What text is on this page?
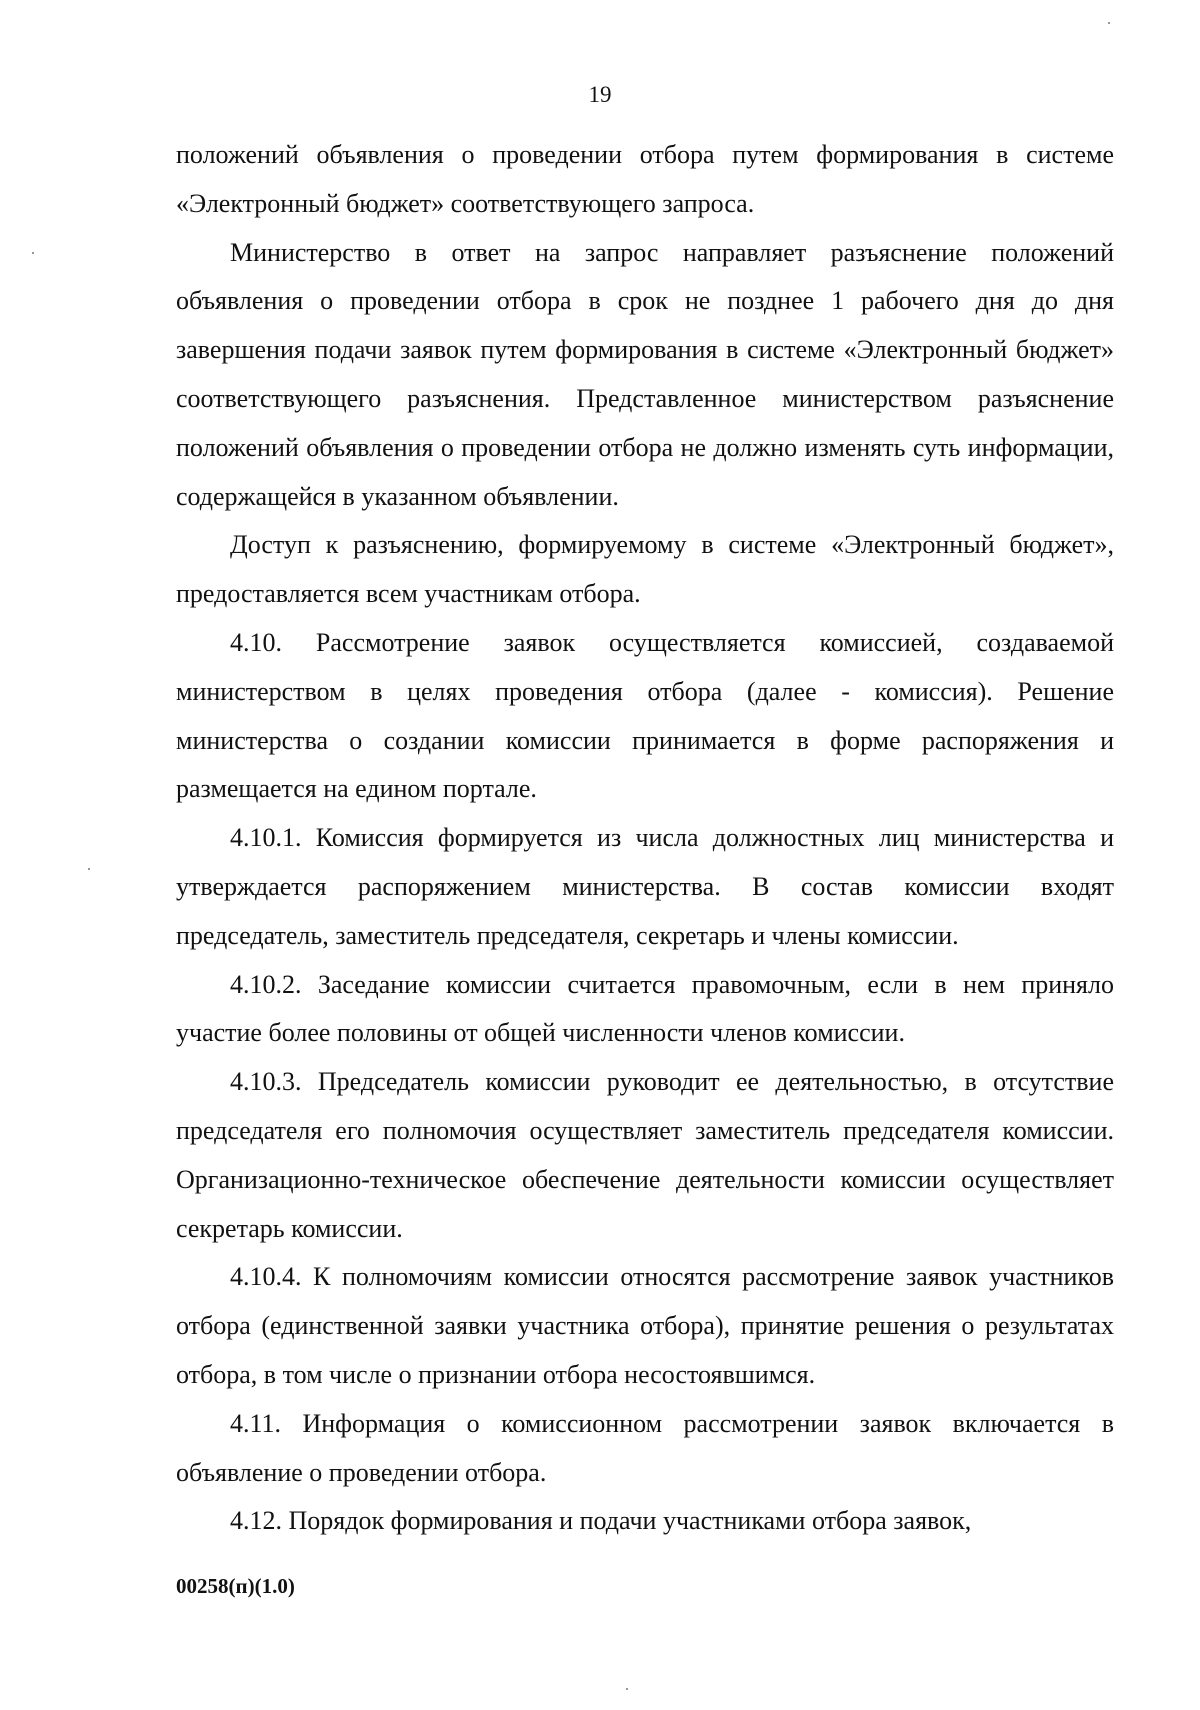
19

положений объявления о проведении отбора путем формирования в системе «Электронный бюджет» соответствующего запроса.

Министерство в ответ на запрос направляет разъяснение положений объявления о проведении отбора в срок не позднее 1 рабочего дня до дня завершения подачи заявок путем формирования в системе «Электронный бюджет» соответствующего разъяснения. Представленное министерством разъяснение положений объявления о проведении отбора не должно изменять суть информации, содержащейся в указанном объявлении.

Доступ к разъяснению, формируемому в системе «Электронный бюджет», предоставляется всем участникам отбора.

4.10. Рассмотрение заявок осуществляется комиссией, создаваемой министерством в целях проведения отбора (далее - комиссия). Решение министерства о создании комиссии принимается в форме распоряжения и размещается на едином портале.

4.10.1. Комиссия формируется из числа должностных лиц министерства и утверждается распоряжением министерства. В состав комиссии входят председатель, заместитель председателя, секретарь и члены комиссии.

4.10.2. Заседание комиссии считается правомочным, если в нем приняло участие более половины от общей численности членов комиссии.

4.10.3. Председатель комиссии руководит ее деятельностью, в отсутствие председателя его полномочия осуществляет заместитель председателя комиссии. Организационно-техническое обеспечение деятельности комиссии осуществляет секретарь комиссии.

4.10.4. К полномочиям комиссии относятся рассмотрение заявок участников отбора (единственной заявки участника отбора), принятие решения о результатах отбора, в том числе о признании отбора несостоявшимся.

4.11. Информация о комиссионном рассмотрении заявок включается в объявление о проведении отбора.

4.12. Порядок формирования и подачи участниками отбора заявок,

00258(п)(1.0)
